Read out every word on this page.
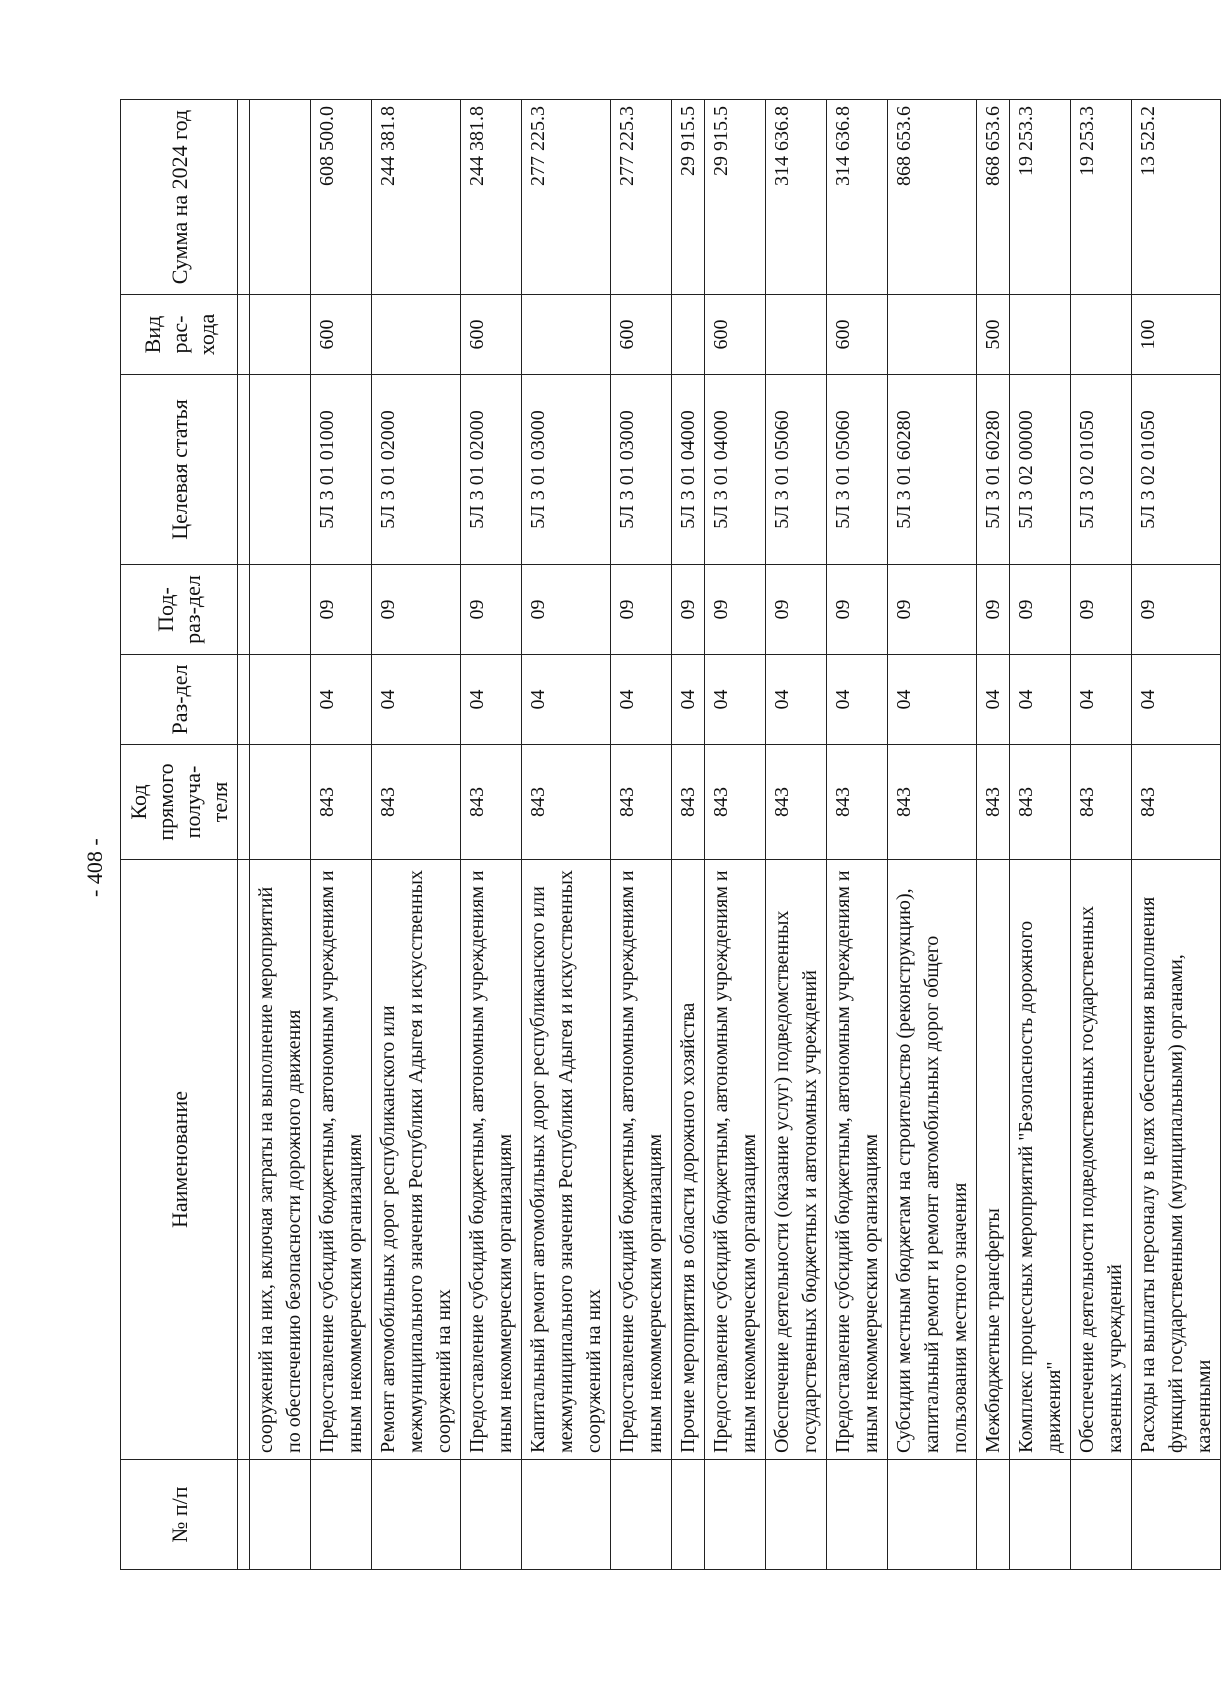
- 408 -
№ п/п	Наименование	Код прямого получа-теля	Раз-дел	Под-раз-дел	Целевая статья	Вид рас-хода	Сумма на 2024 год

	сооружений на них, включая затраты на выполнение мероприятий по обеспечению безопасности дорожного движения						
	Предоставление субсидий бюджетным, автономным учреждениям и иным некоммерческим организациям	843	04	09	5Л 3 01 01000	600	608 500.0
	Ремонт автомобильных дорог республиканского или межмуниципального значения Республики Адыгея и искусственных сооружений на них	843	04	09	5Л 3 01 02000		244 381.8
	Предоставление субсидий бюджетным, автономным учреждениям и иным некоммерческим организациям	843	04	09	5Л 3 01 02000	600	244 381.8
	Капитальный ремонт автомобильных дорог республиканского или межмуниципального значения Республики Адыгея и искусственных сооружений на них	843	04	09	5Л 3 01 03000		277 225.3
	Предоставление субсидий бюджетным, автономным учреждениям и иным некоммерческим организациям	843	04	09	5Л 3 01 03000	600	277 225.3
	Прочие мероприятия в области дорожного хозяйства	843	04	09	5Л 3 01 04000		29 915.5
	Предоставление субсидий бюджетным, автономным учреждениям и иным некоммерческим организациям	843	04	09	5Л 3 01 04000	600	29 915.5
	Обеспечение деятельности (оказание услуг) подведомственных государственных бюджетных и автономных учреждений	843	04	09	5Л 3 01 05060		314 636.8
	Предоставление субсидий бюджетным, автономным учреждениям и иным некоммерческим организациям	843	04	09	5Л 3 01 05060	600	314 636.8
	Субсидии местным бюджетам на строительство (реконструкцию), капитальный ремонт и ремонт автомобильных дорог общего пользования местного значения	843	04	09	5Л 3 01 60280		868 653.6
	Межбюджетные трансферты	843	04	09	5Л 3 01 60280	500	868 653.6
	Комплекс процессных мероприятий "Безопасность дорожного движения"	843	04	09	5Л 3 02 00000		19 253.3
	Обеспечение деятельности подведомственных государственных казенных учреждений	843	04	09	5Л 3 02 01050		19 253.3
	Расходы на выплаты персоналу в целях обеспечения выполнения функций государственными (муниципальными) органами, казенными	843	04	09	5Л 3 02 01050	100	13 525.2
